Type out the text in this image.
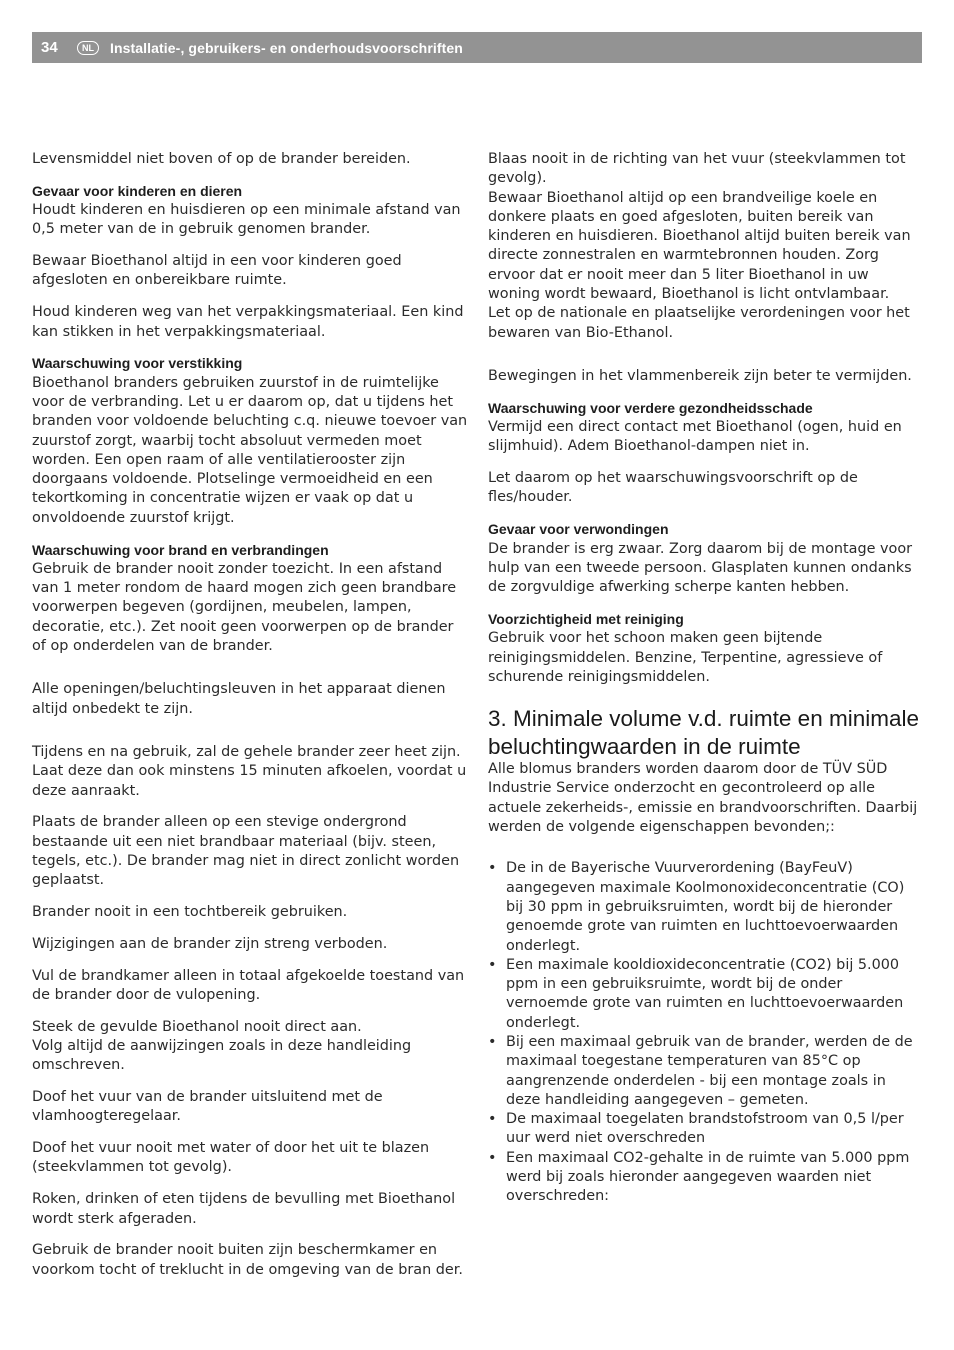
34	NL	Installatie-, gebruikers- en onderhoudsvoorschriften

Levensmiddel niet boven of op de brander bereiden.

Gevaar voor kinderen en dieren

Houdt kinderen en huisdieren op een minimale afstand van 0,5 meter van de in gebruik genomen brander.

Bewaar Bioethanol altijd in een voor kinderen goed afgesloten en onbereikbare ruimte.

Houd kinderen weg van het verpakkingsmateriaal. Een kind kan stikken in het verpakkingsmateriaal.

Waarschuwing voor verstikking

Bioethanol branders gebruiken zuurstof in de ruimtelijke voor de verbranding. Let u er daarom op, dat u tijdens het branden voor voldoende beluchting c.q. nieuwe toevoer van zuurstof zorgt, waarbij tocht absoluut vermeden moet worden. Een open raam of alle ventilatierooster zijn doorgaans voldoende. Plotselinge vermoeidheid en een tekortkoming in concentratie wijzen er vaak op dat u onvoldoende zuurstof krijgt.

Waarschuwing voor brand en verbrandingen

Gebruik de brander nooit zonder toezicht. In een afstand van 1 meter rondom de haard mogen zich geen brandbare voorwerpen begeven (gordijnen, meubelen, lampen, decoratie, etc.). Zet nooit geen voorwerpen op de brander of op onderdelen van de brander.

Alle openingen/beluchtingsleuven in het apparaat dienen altijd onbedekt te zijn.

Tijdens en na gebruik, zal de gehele brander zeer heet zijn. Laat deze dan ook minstens 15 minuten afkoelen, voordat u deze aanraakt.

Plaats de brander alleen op een stevige ondergrond bestaande uit een niet brandbaar materiaal (bijv. steen, tegels, etc.). De brander mag niet in direct zonlicht worden geplaatst.

Brander nooit in een tochtbereik gebruiken.

Wijzigingen aan de brander zijn streng verboden.

Vul de brandkamer alleen in totaal afgekoelde toestand van de brander door de vulopening.

Steek de gevulde Bioethanol nooit direct aan.

Volg altijd de aanwijzingen zoals in deze handleiding omschreven.

Doof het vuur van de brander uitsluitend met de vlamhoogteregelaar.

Doof het vuur nooit met water of door het uit te blazen (steekvlammen tot gevolg).

Roken, drinken of eten tijdens de bevulling met Bioethanol wordt sterk afgeraden.

Gebruik de brander nooit buiten zijn beschermkamer en voorkom tocht of treklucht in de omgeving van de bran der.

Blaas nooit in de richting van het vuur (steekvlammen tot gevolg).

Bewaar Bioethanol altijd op een brandveilige koele en donkere plaats en goed afgesloten, buiten bereik van kinderen en huisdieren. Bioethanol altijd buiten bereik van directe zonnestralen en warmtebronnen houden. Zorg ervoor dat er nooit meer dan 5 liter Bioethanol in uw woning wordt bewaard, Bioethanol is licht ontvlambaar.

Let op de nationale en plaatselijke verordeningen voor het bewaren van Bio-Ethanol.

Bewegingen in het vlammenbereik zijn beter te vermijden.

Waarschuwing voor verdere gezondheidsschade

Vermijd een direct contact met Bioethanol (ogen, huid en slijmhuid). Adem Bioethanol-dampen niet in.

Let daarom op het waarschuwingsvoorschrift op de fles/houder.

Gevaar voor verwondingen

De brander is erg zwaar. Zorg daarom bij de montage voor hulp van een tweede persoon. Glasplaten kunnen ondanks de zorgvuldige afwerking scherpe kanten hebben.

Voorzichtigheid met reiniging

Gebruik voor het schoon maken geen bijtende reinigingsmiddelen. Benzine, Terpentine, agressieve of schurende reinigingsmiddelen.

3. Minimale volume v.d. ruimte en minimale beluchtingwaarden in de ruimte

Alle blomus branders worden daarom door de TÜV SÜD Industrie Service onderzocht en gecontroleerd op alle actuele zekerheids-, emissie en brandvoorschriften. Daarbij werden de volgende eigenschappen bevonden;:

• De in de Bayerische Vuurverordening (BayFeuV) aangegeven maximale Koolmonoxideconcentratie (CO) bij 30 ppm in gebruiksruimten, wordt bij de hieronder genoemde grote van ruimten en luchttoevoerwaarden onderlegt.
• Een maximale kooldioxideconcentratie (CO2) bij 5.000 ppm in een gebruiksruimte, wordt bij de onder vernoemde grote van ruimten en luchttoevoerwaarden onderlegt.
• Bij een maximaal gebruik van de brander, werden de de maximaal toegestane temperaturen van 85°C op aangrenzende onderdelen - bij een montage zoals in deze handleiding aangegeven – gemeten.
• De maximaal toegelaten brandstofstroom van 0,5 l/per uur werd niet overschreden
• Een maximaal CO2-gehalte in de ruimte van 5.000 ppm werd bij zoals hieronder aangegeven waarden niet overschreden:
